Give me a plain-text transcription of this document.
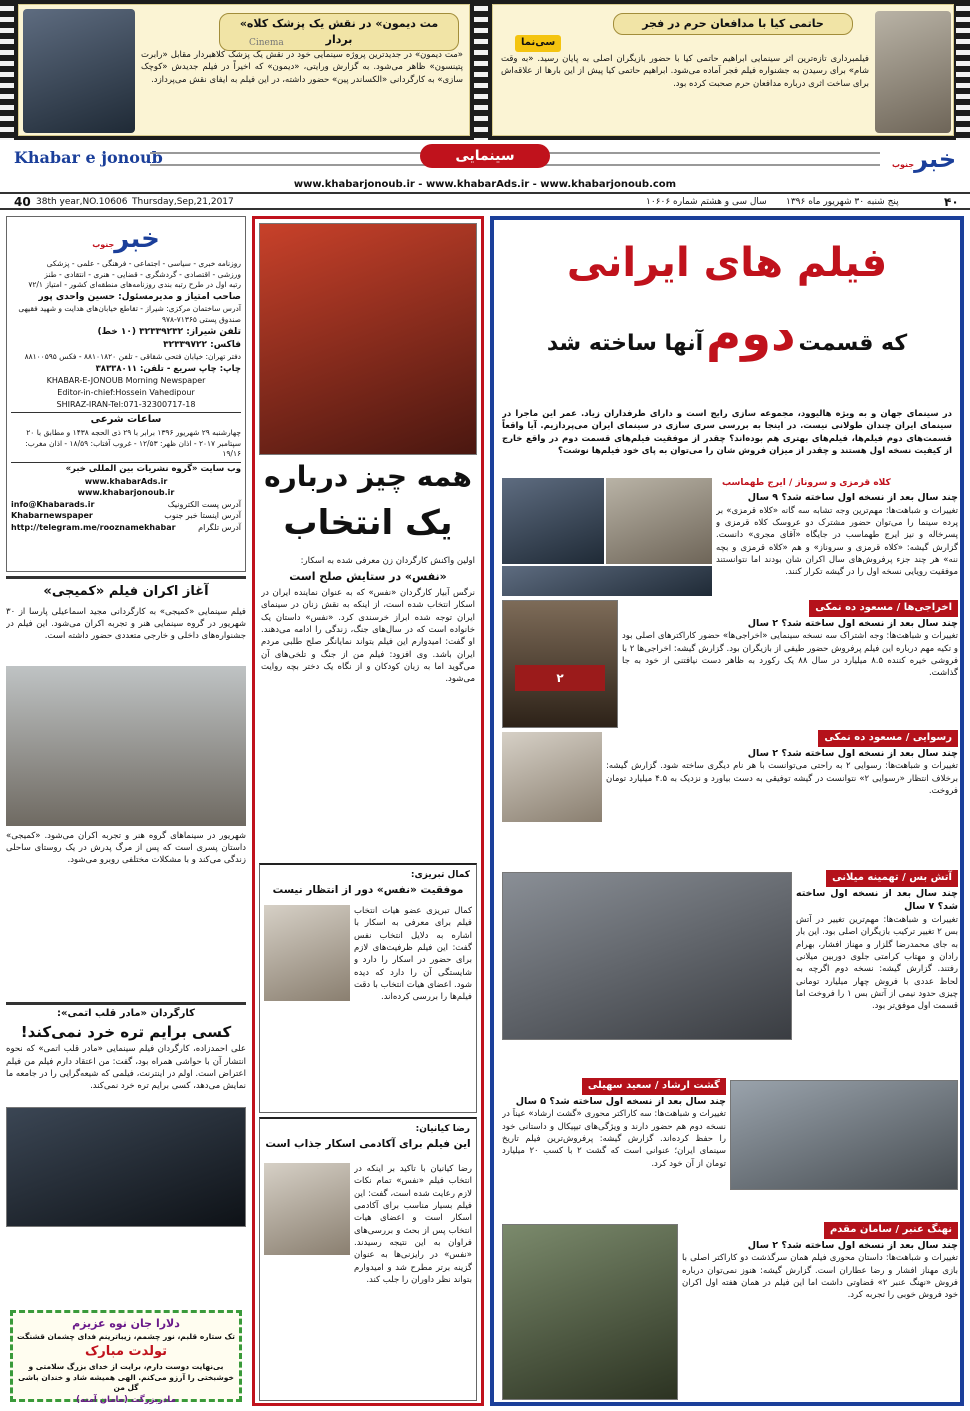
«مت دیمون» در نقش یک پزشک کلاه بردار
Cinema
«مت دیمون» در جدیدترین پروژه سینمایی خود در نقش یک پزشک کلاهبردار مقابل «رابرت پتینسون» ظاهر می‌شود. به گزارش ورایتی، «دیمون» که اخیراً در فیلم جدیدش «کوچک سازی» به کارگردانی «الکساندر پین» حضور داشته، در این فیلم به ایفای نقش می‌پردازد.
حاتمی کیا با مدافعان حرم در فجر
سی‌نما
فیلمبرداری تازه‌ترین اثر سینمایی ابراهیم حاتمی کیا با حضور بازیگران اصلی به پایان رسید. «به وقت شام» برای رسیدن به جشنواره فیلم فجر آماده می‌شود. ابراهیم حاتمی کیا پیش از این بارها از علاقه‌اش برای ساخت اثری درباره مدافعان حرم صحبت کرده بود.
Khabar e jonoub	سینمایی	خبرجنوب
www.khabarjonoub.ir - www.khabarAds.ir - www.khabarjonoub.com
40 38th year,NO.10606 Thursday,Sep,21,2017	سال سی و هشتم شماره ۱۰۶۰۶ پنج شنبه ۳۰ شهریور ماه ۱۳۹۶	۴۰
فیلم های ایرانی
که قسمت دوم آنها ساخته شد
در سینمای جهان و به ویژه هالیوود، مجموعه سازی رایج است و دارای طرفداران زیاد. عمر این ماجرا در سینمای ایران چندان طولانی نیست. در اینجا به بررسی سری سازی در سینمای ایران می‌پردازیم. آیا واقعاً قسمت‌های دوم فیلم‌ها، فیلم‌های بهتری هم بوده‌اند؟ چقدر از موفقیت فیلم‌های قسمت دوم در واقع خارج از کیفیت نسخه اول هستند و چقدر از میزان فروش شان را می‌توان به پای خود فیلم‌ها نوشت؟
کلاه قرمزی و سروناز / ایرج طهماسب
چند سال بعد از نسخه اول ساخته شد؟ ۹ سال
تغییرات و شباهت‌ها: مهم‌ترین وجه تشابه سه گانه «کلاه قرمزی» بر پرده سینما را می‌توان حضور مشترک دو عروسک کلاه قرمزی و پسرخاله و نیز ایرج طهماسب در جایگاه «آقای مجری» دانست. گزارش گیشه: «کلاه قرمزی و سروناز» و هم «کلاه قرمزی و بچه ننه» هر چند جزء پرفروش‌های سال اکران شان بودند اما نتوانستند موفقیت رویایی نسخه اول را در گیشه تکرار کنند.
۲
اخراجی‌ها / مسعود ده نمکی
چند سال بعد از نسخه اول ساخته شد؟ ۲ سال
تغییرات و شباهت‌ها: وجه اشتراک سه نسخه سینمایی «اخراجی‌ها» حضور کاراکترهای اصلی بود و تکیه مهم درباره این فیلم پرفروش حضور طیفی از بازیگران بود. گزارش گیشه: اخراجی‌ها ۲ با فروشی خیره کننده ۸.۵ میلیارد در سال ۸۸ یک رکورد به ظاهر دست نیافتنی از خود به جا گذاشت.
رسوایی / مسعود ده نمکی
چند سال بعد از نسخه اول ساخته شد؟ ۲ سال
تغییرات و شباهت‌ها: رسوایی ۲ به راحتی می‌توانست با هر نام دیگری ساخته شود. گزارش گیشه: برخلاف انتظار «رسوایی ۲» نتوانست در گیشه توفیقی به دست بیاورد و نزدیک به ۴.۵ میلیارد تومان فروخت.
آتش بس / تهمینه میلانی
چند سال بعد از نسخه اول ساخته شد؟ ۷ سال
تغییرات و شباهت‌ها: مهم‌ترین تغییر در آتش بس ۲ تغییر ترکیب بازیگران اصلی بود. این بار به جای محمدرضا گلزار و مهناز افشار، بهرام رادان و مهتاب کرامتی جلوی دوربین میلانی رفتند. گزارش گیشه: نسخه دوم اگرچه به لحاظ عددی با فروش چهار میلیارد تومانی چیزی حدود نیمی از آتش بس ۱ را فروخت اما قسمت اول موفق‌تر بود.
گشت ارشاد / سعید سهیلی
چند سال بعد از نسخه اول ساخته شد؟ ۵ سال
تغییرات و شباهت‌ها: سه کاراکتر محوری «گشت ارشاد» عیناً در نسخه دوم هم حضور دارند و ویژگی‌های تیپیکال و داستانی خود را حفظ کرده‌اند. گزارش گیشه: پرفروش‌ترین فیلم تاریخ سینمای ایران؛ عنوانی است که گشت ۲ با کسب ۲۰ میلیارد تومان از آن خود کرد.
نهنگ عنبر / سامان مقدم
چند سال بعد از نسخه اول ساخته شد؟ ۲ سال
تغییرات و شباهت‌ها: داستان محوری فیلم همان سرگذشت دو کاراکتر اصلی با بازی مهناز افشار و رضا عطاران است. گزارش گیشه: هنوز نمی‌توان درباره فروش «نهنگ عنبر ۲» قضاوتی داشت اما این فیلم در همان هفته اول اکران خود فروش خوبی را تجربه کرد.
همه چیز درباره
یک انتخاب
اولین واکنش کارگردان زن معرفی شده به اسکار:
«نفس» در ستایش صلح است
نرگس آبیار کارگردان «نفس» که به عنوان نماینده ایران در اسکار انتخاب شده است، از اینکه به نقش زنان در سینمای ایران توجه شده ابراز خرسندی کرد. «نفس» داستان یک خانواده است که در سال‌های جنگ، زندگی را ادامه می‌دهند. او گفت: امیدوارم این فیلم بتواند نمایانگر صلح طلبی مردم ایران باشد. وی افزود: فیلم من از جنگ و تلخی‌های آن می‌گوید اما به زبان کودکان و از نگاه یک دختر بچه روایت می‌شود.
کمال تبریزی:
موفقیت «نفس» دور از انتظار نیست
کمال تبریزی عضو هیات انتخاب فیلم برای معرفی به اسکار با اشاره به دلایل انتخاب نفس گفت: این فیلم ظرفیت‌های لازم برای حضور در اسکار را دارد و شایستگی آن را دارد که دیده شود. اعضای هیات انتخاب با دقت فیلم‌ها را بررسی کرده‌اند.
رضا کیانیان:
این فیلم برای آکادمی اسکار جذاب است
رضا کیانیان با تاکید بر اینکه در انتخاب فیلم «نفس» تمام نکات لازم رعایت شده است، گفت: این فیلم بسیار مناسب برای آکادمی اسکار است و اعضای هیات انتخاب پس از بحث و بررسی‌های فراوان به این نتیجه رسیدند. «نفس» در رایزنی‌ها به عنوان گزینه برتر مطرح شد و امیدوارم بتواند نظر داوران را جلب کند.
خبرجنوب
روزنامه خبری - سیاسی - اجتماعی - فرهنگی - علمی - پزشکی
ورزشی - اقتصادی - گردشگری - قضایی - هنری - انتقادی - طنز
رتبه اول در طرح رتبه بندی روزنامه‌های منطقه‌ای کشور - امتیاز ۷۲/۱
صاحب امتیاز و مدیرمسئول: حسین واحدی پور
آدرس ساختمان مرکزی: شیراز - تقاطع خیابان‌های هدایت و شهید فقیهی
صندوق پستی ۷۱۳۶۵-۹۷۸
تلفن شیراز: ۳۲۳۳۹۲۳۲ (۱۰ خط)
فاکس: ۳۲۳۳۹۷۲۲
دفتر تهران: خیابان فتحی شقاقی - تلفن ۸۸۱۰۱۸۲۰ - فکس ۸۸۱۰۰۵۹۵
چاپ: چاپ سریع - تلفن: ۳۸۳۳۸۰۱۱
KHABAR-E-JONOUB Morning Newspaper
Editor-in-chief:Hossein Vahedipour
SHIRAZ-IRAN-Tel:071-32300717-18
ساعات شرعی
چهارشنبه ۲۹ شهریور ۱۳۹۶ برابر با ۲۹ ذی الحجه ۱۴۳۸ و مطابق با ۲۰ سپتامبر ۲۰۱۷ - اذان ظهر: ۱۲/۵۳ - غروب آفتاب: ۱۸/۵۹ - اذان مغرب: ۱۹/۱۶
وب سایت «گروه نشریات بین المللی خبر»
www.khabarAds.ir
www.khabarjonoub.ir
آدرس پست الکترونیک
info@Khabarads.ir
آدرس اینستا خبر جنوب
Khabarnewspaper
آدرس تلگرام
http://telegram.me/rooznamekhabar
آغاز اکران فیلم «کمیجی»
فیلم سینمایی «کمیجی» به کارگردانی مجید اسماعیلی پارسا از ۳۰ شهریور در گروه سینمایی هنر و تجربه اکران می‌شود. این فیلم در جشنواره‌های داخلی و خارجی متعددی حضور داشته است.
شهریور در سینماهای گروه هنر و تجربه اکران می‌شود. «کمیجی» داستان پسری است که پس از مرگ پدرش در یک روستای ساحلی زندگی می‌کند و با مشکلات مختلفی روبرو می‌شود.
کارگردان «مادر قلب اتمی»:
کسی برایم تره خرد نمی‌کند!
علی احمدزاده، کارگردان فیلم سینمایی «مادر قلب اتمی» که نحوه انتشار آن با حواشی همراه بود، گفت: من اعتقاد دارم فیلم من فیلم اعتراض است. اولم در اینترنت، فیلمی که شیعه‌گرایی را در جامعه ما نمایش می‌دهد، کسی برایم تره خرد نمی‌کند.
دلارا جان نوه عزیزم
تک ستاره قلبم، نور چشمم، زیباترینم فدای چشمان قشنگت
تولدت مبارک
بی‌نهایت دوست دارم، برایت از خدای بزرگ سلامتی و خوشبختی را آرزو می‌کنم. الهی همیشه شاد و خندان باشی گل من
مادربزرگت (مامان آمنه)
